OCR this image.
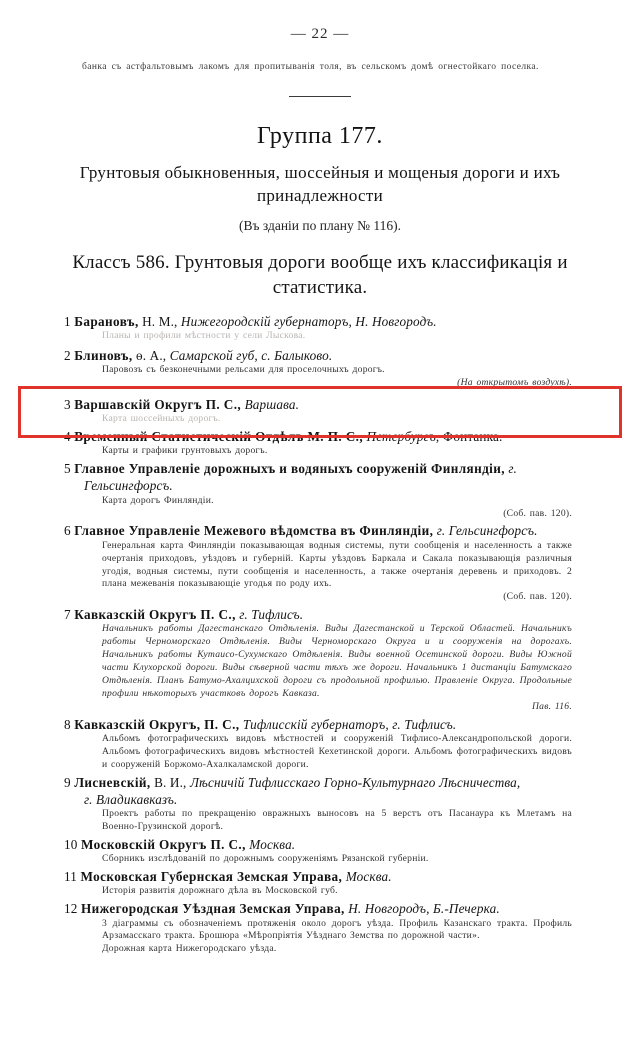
— 22 —
банка съ астфальтовымъ лакомъ для пропитыванія толя, въ сельскомъ домѣ огнестойкаго поселка.
Группа 177.
Грунтовыя обыкновенныя, шоссейныя и мощеныя дороги и ихъ принадлежности
(Въ зданіи по плану № 116).
Классъ 586. Грунтовыя дороги вообще ихъ классификація и статистика.
1 Барановъ, Н. М., Нижегородскій губернаторъ, Н. Новгородъ.
Планы и профили мѣстности у сели Лыскова.
2 Блиновъ, ѳ. А., Самарской губ, с. Балыково.
Паровозъ съ безконечными рельсами для проселочныхъ дорогъ.
(На открытомъ воздухѣ).
3 Варшавскій Округъ П. С., Варшава.
Карта шоссейныхъ дорогъ.
4 Временный Статистическій Отдѣлъ М. П. С., Петербургъ, Фонтанка.
Карты и графики грунтовыхъ дорогъ.
5 Главное Управленіе дорожныхъ и водяныхъ сооруженій Финляндіи, г. Гельсингфорсъ.
Карта дорогъ Финляндіи.
(Соб. пав. 120).
6 Главное Управленіе Межевого вѣдомства въ Финляндіи, г. Гельсингфорсъ.
Генеральная карта Финляндіи показывающая водныя системы, пути сообщенія и населенность а также очертанія приходовъ, уѣздовъ и губерній. Карты уѣздовъ Баркала и Сакала показывающія различныя угодія, водныя системы, пути сообщенія и населенность, а также очертанія деревень и приходовъ. 2 плана межеванія показывающіе угодья по роду ихъ.
(Соб. пав. 120).
7 Кавказскій Округъ П. С., г. Тифлисъ.
Начальникъ работы Дагестанскаго Отдѣленія. Виды Дагестанской и Терской Областей. Начальникъ работы Черноморскаго Отдѣленія. Виды Черноморскаго Округа и и сооруженія на дорогахъ. Начальникъ работы Кутаисо-Сухумскаго Отдѣленія. Виды военной Осетинской дороги. Виды Южной части Клухорской дороги. Виды сѣверной части тѣхъ же дороги. Начальникъ 1 дистанціи Батумскаго Отдѣленія. Планъ Батумо-Ахалцихской дороги съ продольной профилью. Правленіе Округа. Продольные профили нѣкоторыхъ участковъ дорогъ Кавказа.
Пав. 116.
8 Кавказскій Округъ, П. С., Тифлисскій губернаторъ, г. Тифлисъ.
Альбомъ фотографическихъ видовъ мѣстностей и сооруженій Тифлисо-Александропольской дороги. Альбомъ фотографическихъ видовъ мѣстностей Кехетинской дороги. Альбомъ фотографическихъ видовъ и сооруженій Боржомо-Ахалкаламской дороги.
9 Лисневскій, В. И., Лѣсничій Тифлисскаго Горно-Культурнаго Лѣсничества,
г. Владикавказъ.
Проектъ работы по прекращенію овражныхъ выносовъ на 5 верстъ отъ Пасанаура къ Млетамъ на Военно-Грузинской дорогѣ.
10 Московскій Округъ П. С., Москва.
Сборникъ изслѣдованій по дорожнымъ сооруженіямъ Рязанской губерніи.
11 Московская Губернская Земская Управа, Москва.
Исторія развитія дорожнаго дѣла въ Московской губ.
12 Нижегородская Уѣздная Земская Управа, Н. Новгородъ, Б.-Печерка.
3 діаграммы съ обозначеніемъ протяженія около дорогъ уѣзда. Профиль Казанскаго тракта. Профиль Арзамасскаго тракта. Брошюра «Мѣропріятія Уѣзднаго Земства по дорожной части».
Дорожная карта Нижегородскаго уѣзда.
